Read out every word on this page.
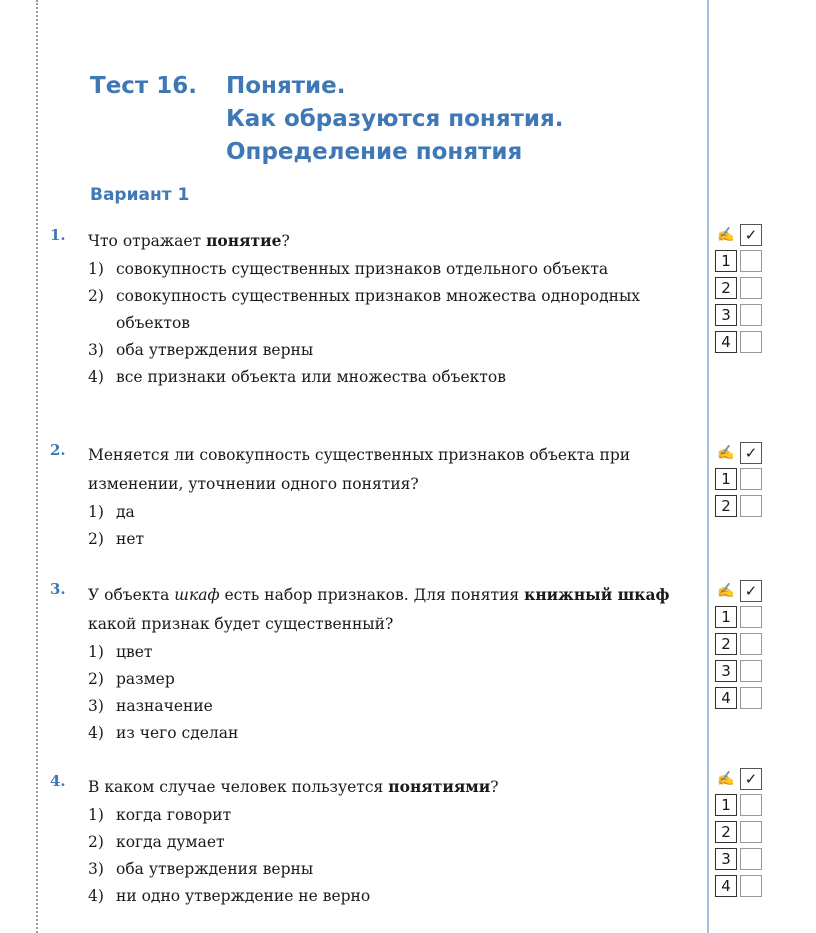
Тест 16. Понятие.
Как образуются понятия.
Определение понятия
Вариант 1
1. Что отражает понятие?
1) совокупность существенных признаков отдельного объекта
2) совокупность существенных признаков множества однородных объектов
3) оба утверждения верны
4) все признаки объекта или множества объектов
✍ ✓
1
2
3
4
2. Меняется ли совокупность существенных признаков объекта при изменении, уточнении одного понятия?
1) да
2) нет
✍ ✓
1
2
3. У объекта шкаф есть набор признаков. Для понятия книжный шкаф какой признак будет существенный?
1) цвет
2) размер
3) назначение
4) из чего сделан
✍ ✓
1
2
3
4
4. В каком случае человек пользуется понятиями?
1) когда говорит
2) когда думает
3) оба утверждения верны
4) ни одно утверждение не верно
✍ ✓
1
2
3
4
